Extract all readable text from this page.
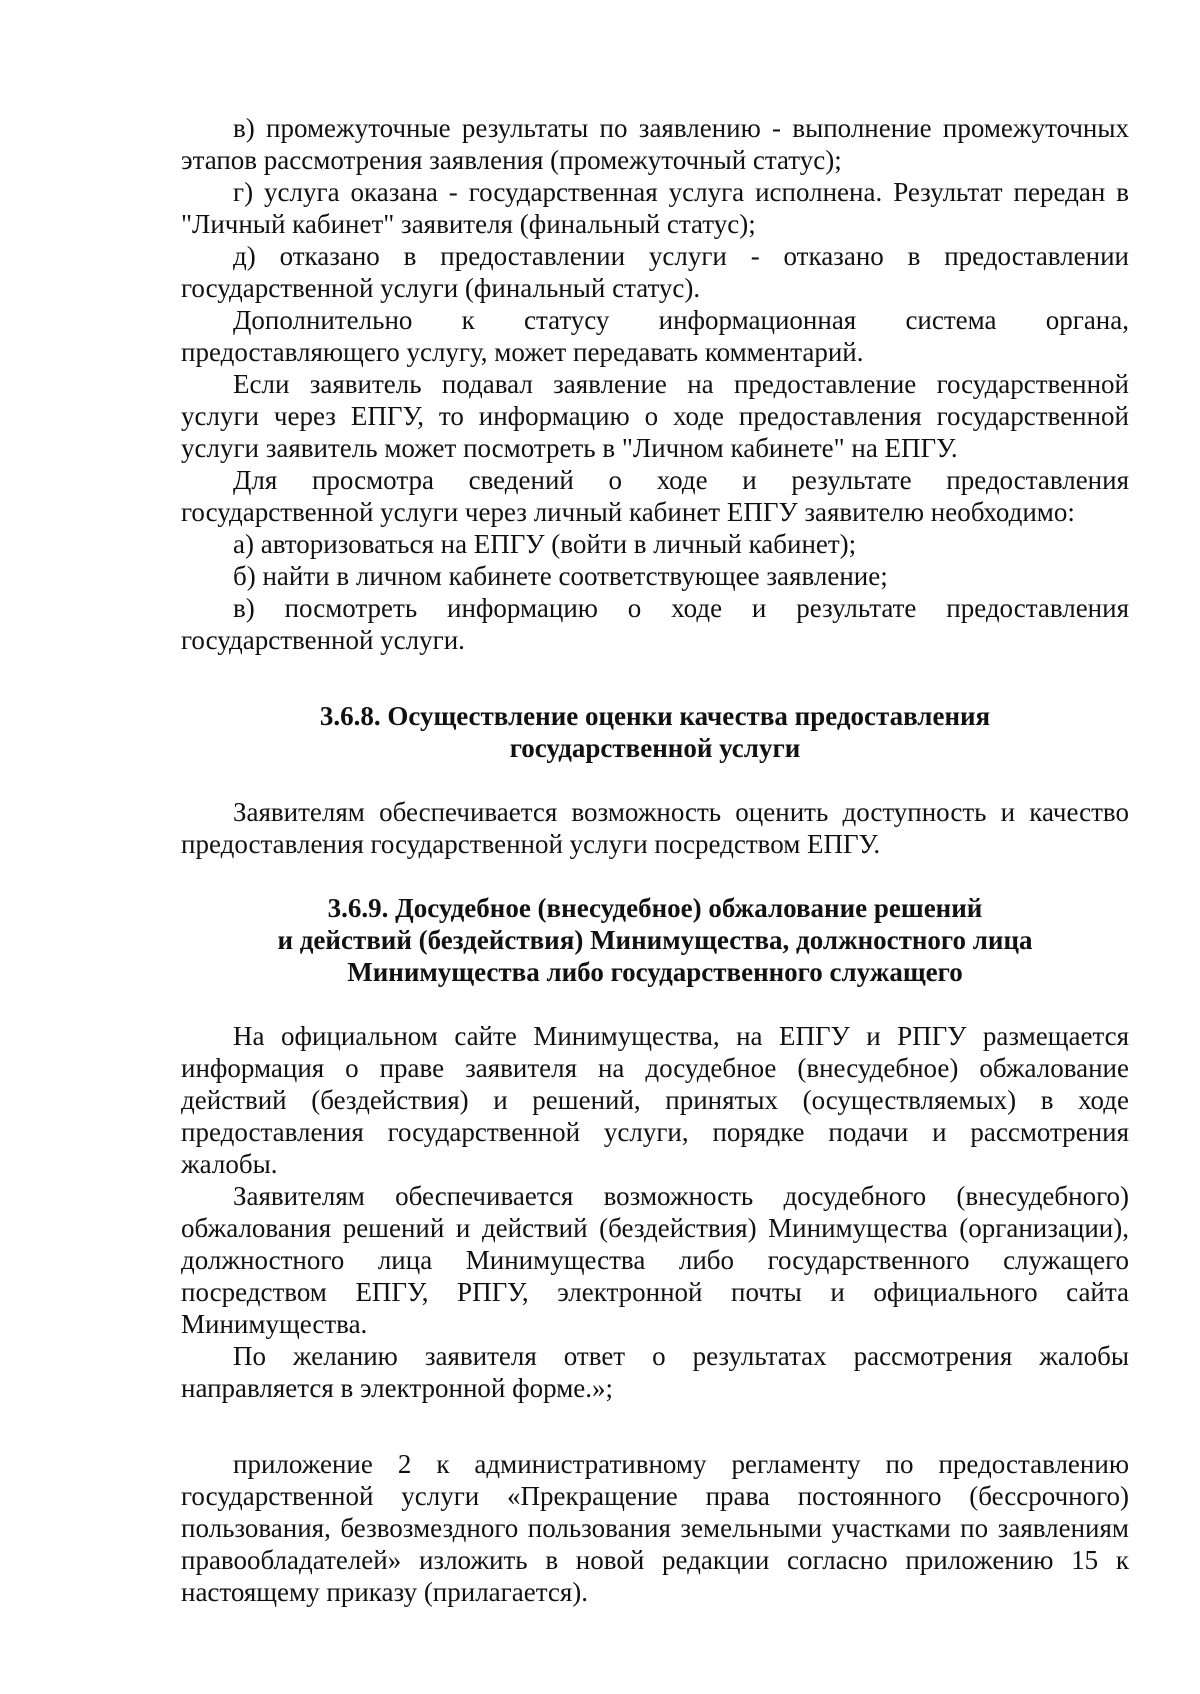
в) промежуточные результаты по заявлению - выполнение промежуточных этапов рассмотрения заявления (промежуточный статус);

г) услуга оказана - государственная услуга исполнена. Результат передан в "Личный кабинет" заявителя (финальный статус);

д) отказано в предоставлении услуги - отказано в предоставлении государственной услуги (финальный статус).

Дополнительно к статусу информационная система органа, предоставляющего услугу, может передавать комментарий.

Если заявитель подавал заявление на предоставление государственной услуги через ЕПГУ, то информацию о ходе предоставления государственной услуги заявитель может посмотреть в "Личном кабинете" на ЕПГУ.

Для просмотра сведений о ходе и результате предоставления государственной услуги через личный кабинет ЕПГУ заявителю необходимо:

а) авторизоваться на ЕПГУ (войти в личный кабинет);

б) найти в личном кабинете соответствующее заявление;

в) посмотреть информацию о ходе и результате предоставления государственной услуги.

3.6.8. Осуществление оценки качества предоставления
государственной услуги

Заявителям обеспечивается возможность оценить доступность и качество предоставления государственной услуги посредством ЕПГУ.

3.6.9. Досудебное (внесудебное) обжалование решений
и действий (бездействия) Минимущества, должностного лица
Минимущества либо государственного служащего

На официальном сайте Минимущества, на ЕПГУ и РПГУ размещается информация о праве заявителя на досудебное (внесудебное) обжалование действий (бездействия) и решений, принятых (осуществляемых) в ходе предоставления государственной услуги, порядке подачи и рассмотрения жалобы.

Заявителям обеспечивается возможность досудебного (внесудебного) обжалования решений и действий (бездействия) Минимущества (организации), должностного лица Минимущества либо государственного служащего посредством ЕПГУ, РПГУ, электронной почты и официального сайта Минимущества.

По желанию заявителя ответ о результатах рассмотрения жалобы направляется в электронной форме.»;

приложение 2 к административному регламенту по предоставлению государственной услуги «Прекращение права постоянного (бессрочного) пользования, безвозмездного пользования земельными участками по заявлениям правообладателей» изложить в новой редакции согласно приложению 15 к настоящему приказу (прилагается).
